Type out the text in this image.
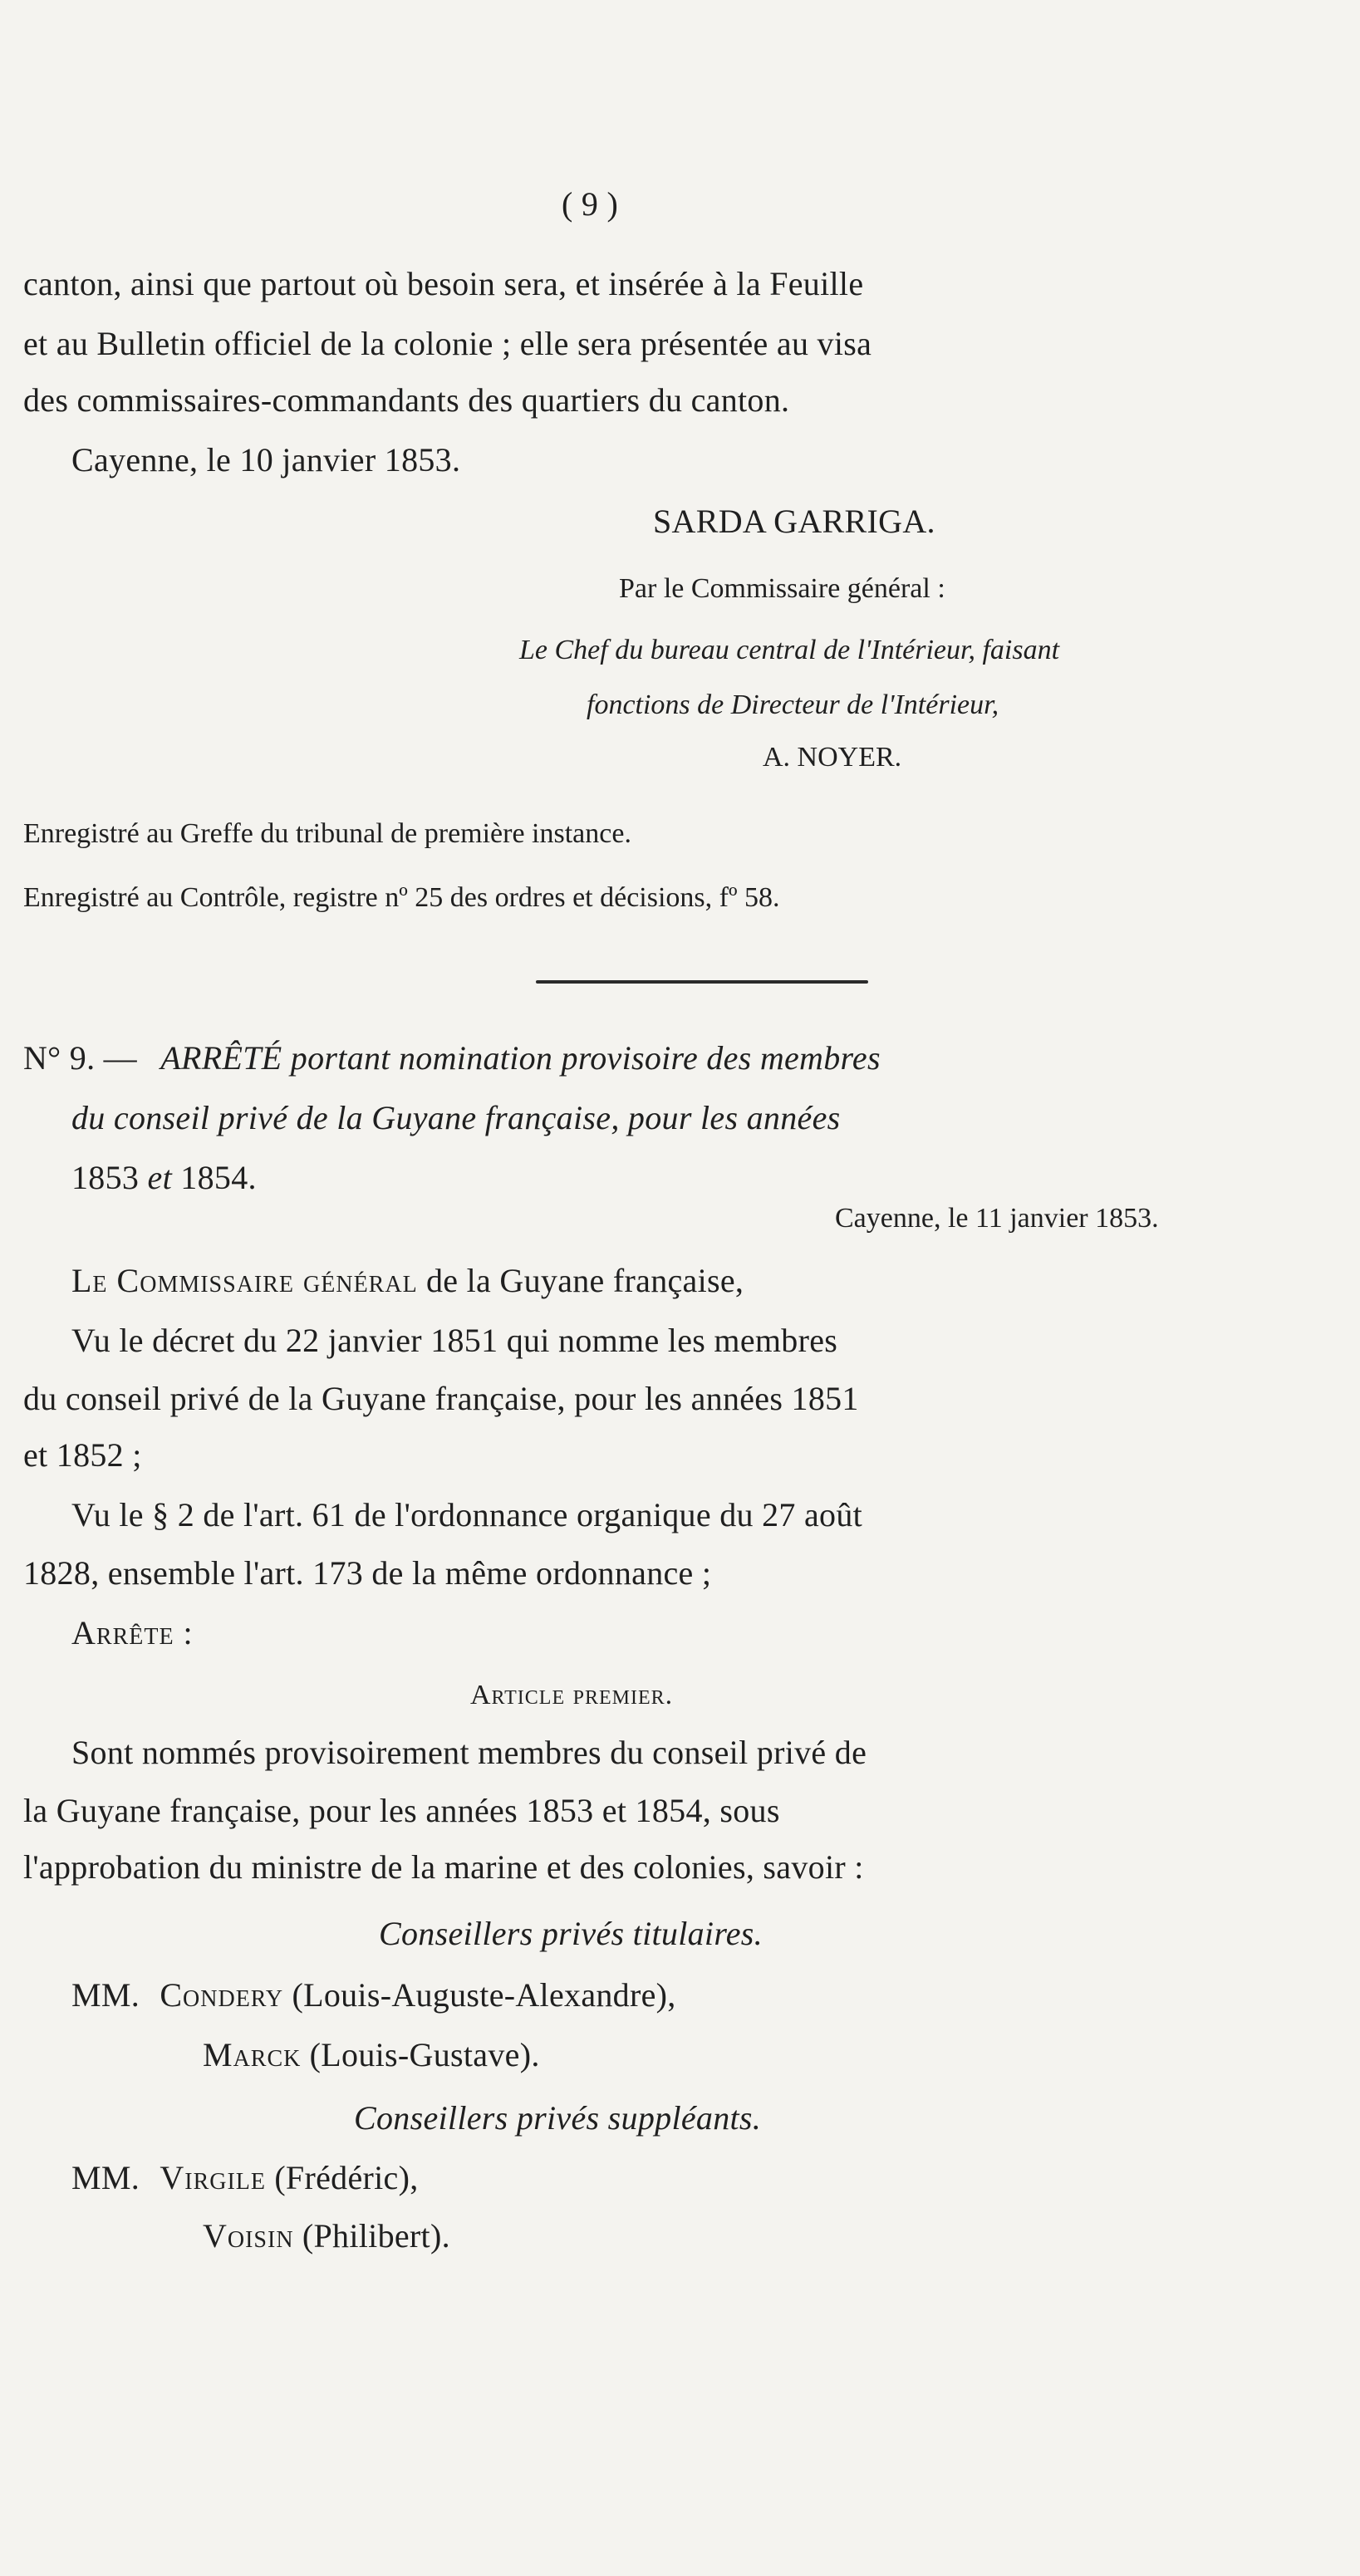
( 9 )
canton, ainsi que partout où besoin sera, et insérée à la Feuille
et au Bulletin officiel de la colonie ; elle sera présentée au visa
des commissaires-commandants des quartiers du canton.
Cayenne, le 10 janvier 1853.
SARDA GARRIGA.
Par le Commissaire général :
Le Chef du bureau central de l'Intérieur, faisant
fonctions de Directeur de l'Intérieur,
A. NOYER.
Enregistré au Greffe du tribunal de première instance.
Enregistré au Contrôle, registre nº 25 des ordres et décisions, fº 58.
N° 9. — ARRÊTÉ portant nomination provisoire des membres
du conseil privé de la Guyane française, pour les années
1853 et 1854.
Cayenne, le 11 janvier 1853.
Le Commissaire général de la Guyane française,
Vu le décret du 22 janvier 1851 qui nomme les membres
du conseil privé de la Guyane française, pour les années 1851
et 1852 ;
Vu le § 2 de l'art. 61 de l'ordonnance organique du 27 août
1828, ensemble l'art. 173 de la même ordonnance ;
Arrête :
Article premier.
Sont nommés provisoirement membres du conseil privé de
la Guyane française, pour les années 1853 et 1854, sous
l'approbation du ministre de la marine et des colonies, savoir :
Conseillers privés titulaires.
MM. Condery (Louis-Auguste-Alexandre),
Marck (Louis-Gustave).
Conseillers privés suppléants.
MM. Virgile (Frédéric),
Voisin (Philibert).
